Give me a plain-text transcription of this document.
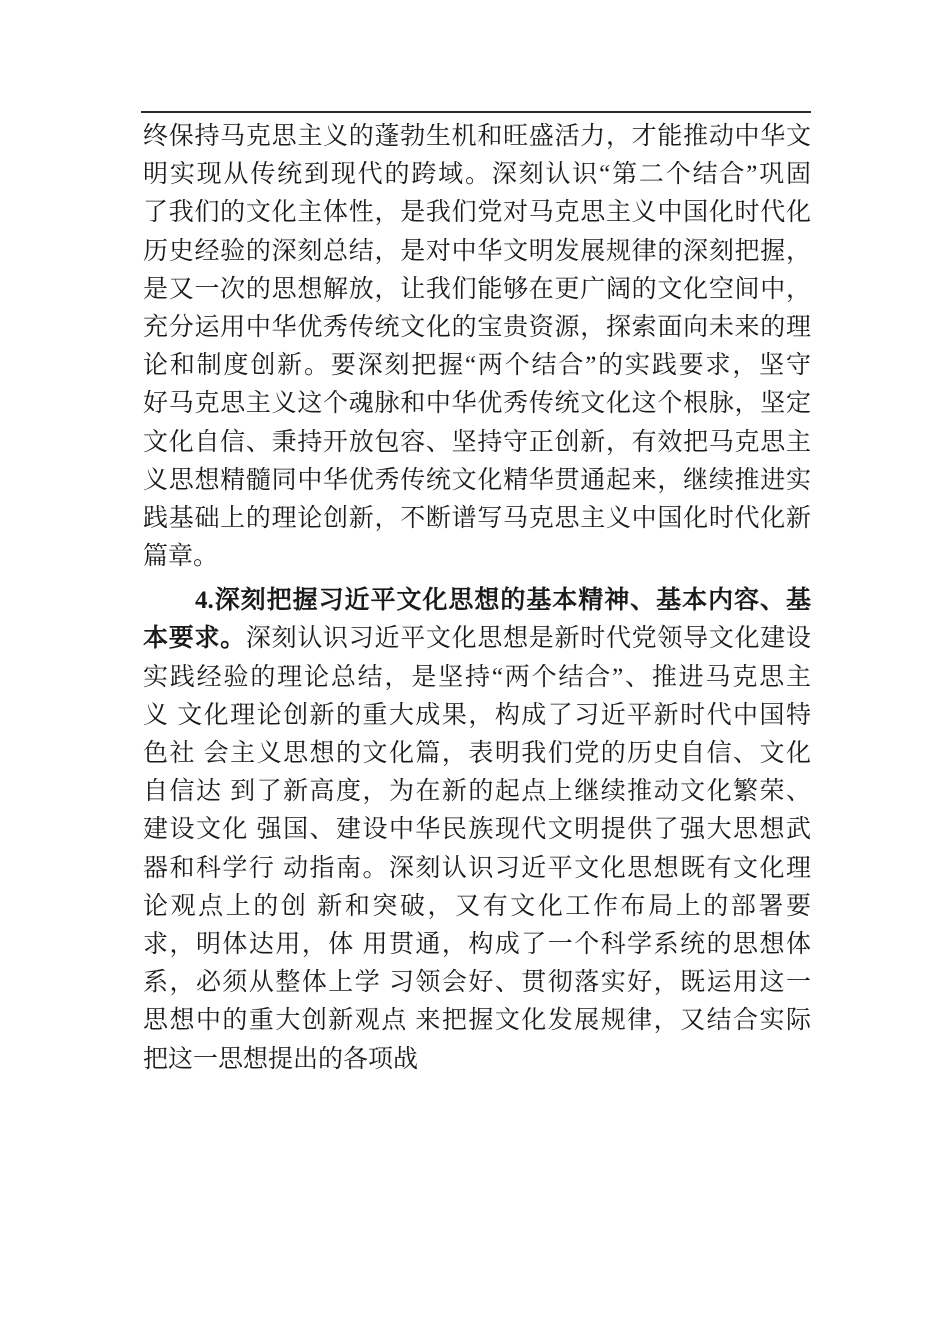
终保持马克思主义的蓬勃生机和旺盛活力，才能推动中华文
明实现从传统到现代的跨域。深刻认识“第二个结合”巩固
了我们的文化主体性，是我们党对马克思主义中国化时代化
历史经验的深刻总结，是对中华文明发展规律的深刻把握，
是又一次的思想解放，让我们能够在更广阔的文化空间中，
充分运用中华优秀传统文化的宝贵资源，探索面向未来的理
论和制度创新。要深刻把握“两个结合”的实践要求，坚守
好马克思主义这个魂脉和中华优秀传统文化这个根脉，坚定
文化自信、秉持开放包容、坚持守正创新，有效把马克思主
义思想精髓同中华优秀传统文化精华贯通起来，继续推进实
践基础上的理论创新，不断谱写马克思主义中国化时代化新
篇章。
4.深刻把握习近平文化思想的基本精神、基本内容、基
本要求。深刻认识习近平文化思想是新时代党领导文化建设
实践经验的理论总结，是坚持“两个结合”、推进马克思主
义 文化理论创新的重大成果，构成了习近平新时代中国特
色社 会主义思想的文化篇，表明我们党的历史自信、文化
自信达 到了新高度，为在新的起点上继续推动文化繁荣、
建设文化 强国、建设中华民族现代文明提供了强大思想武
器和科学行 动指南。深刻认识习近平文化思想既有文化理
论观点上的创 新和突破，又有文化工作布局上的部署要
求，明体达用，体 用贯通，构成了一个科学系统的思想体
系，必须从整体上学 习领会好、贯彻落实好，既运用这一
思想中的重大创新观点 来把握文化发展规律，又结合实际
把这一思想提出的各项战
